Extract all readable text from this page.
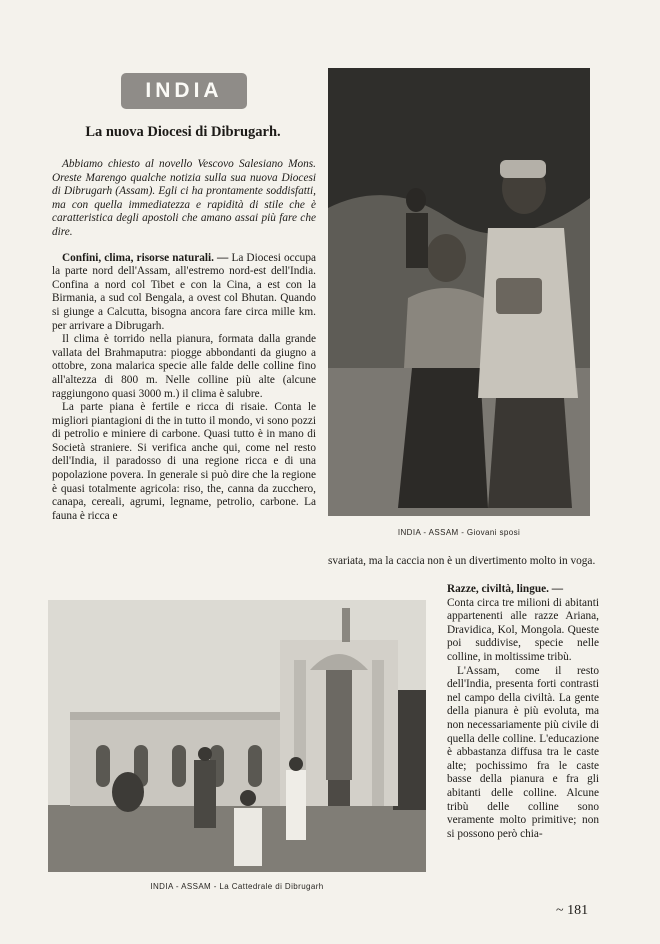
INDIA
La nuova Diocesi di Dibrugarh.

Abbiamo chiesto al novello Vescovo Salesiano Mons. Oreste Marengo qualche notizia sulla sua nuova Diocesi di Dibrugarh (Assam). Egli ci ha prontamente soddisfatti, ma con quella immediatezza e rapidità di stile che è caratteristica degli apostoli che amano assai più fare che dire.

Confini, clima, risorse naturali. — La Diocesi occupa la parte nord dell'Assam, all'estremo nord-est dell'India. Confina a nord col Tibet e con la Cina, a est con la Birmania, a sud col Bengala, a ovest col Bhutan. Quando si giunge a Calcutta, bisogna ancora fare circa mille km. per arrivare a Dibrugarh.

Il clima è torrido nella pianura, formata dalla grande vallata del Brahmaputra: piogge abbondanti da giugno a ottobre, zona malarica specie alle falde delle colline fino all'altezza di 800 m. Nelle colline più alte (alcune raggiungono quasi 3000 m.) il clima è salubre.

La parte piana è fertile e ricca di risaie. Conta le migliori piantagioni di the in tutto il mondo, vi sono pozzi di petrolio e miniere di carbone. Quasi tutto è in mano di Società straniere. Si verifica anche qui, come nel resto dell'India, il paradosso di una regione ricca e di una popolazione povera. In generale si può dire che la regione è quasi totalmente agricola: riso, the, canna da zucchero, canapa, cereali, agrumi, legname, petrolio, carbone. La fauna è ricca e

INDIA - ASSAM - Giovani sposi
svariata, ma la caccia non è un divertimento molto in voga.
INDIA - ASSAM - La Cattedrale di Dibrugarh

Razze, civiltà, lingue. —

Conta circa tre milioni di abitanti appartenenti alle razze Ariana, Dravidica, Kol, Mongola. Queste poi suddivise, specie nelle colline, in moltissime tribù.

L'Assam, come il resto dell'India, presenta forti contrasti nel campo della civiltà. La gente della pianura è più evoluta, ma non necessariamente più civile di quella delle colline. L'educazione è abbastanza diffusa tra le caste alte; pochissimo fra le caste basse della pianura e fra gli abitanti delle colline. Alcune tribù delle colline sono veramente molto primitive; non si possono però chia-

~ 181
